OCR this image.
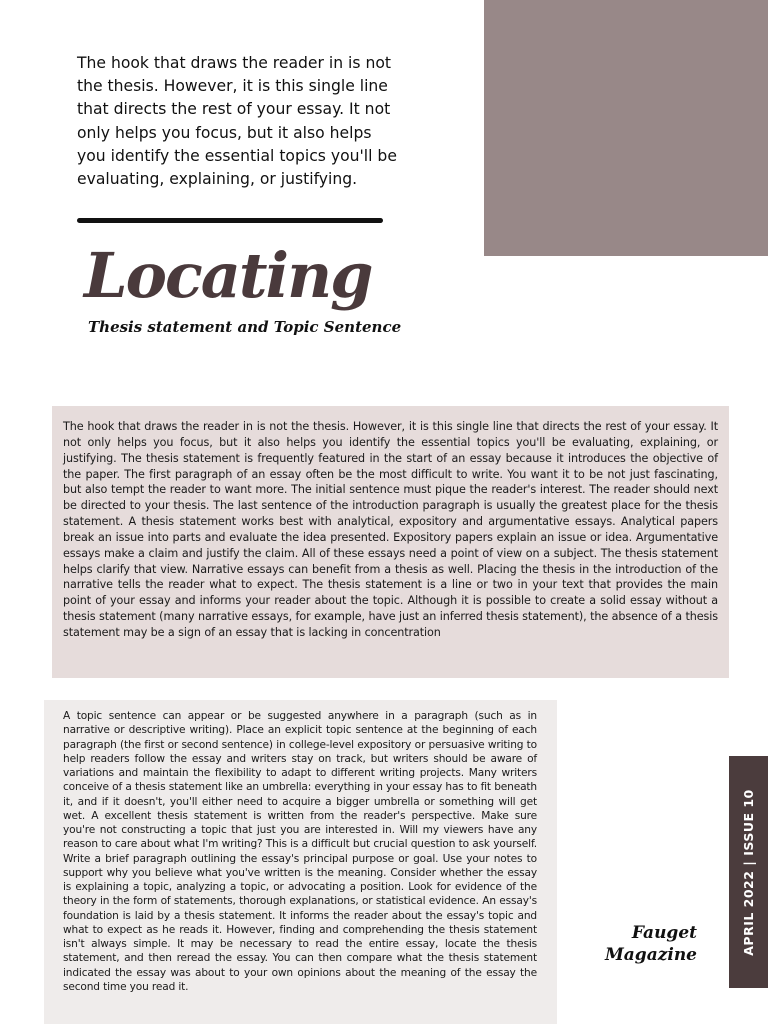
The hook that draws the reader in is not the thesis. However, it is this single line that directs the rest of your essay. It not only helps you focus, but it also helps you identify the essential topics you'll be evaluating, explaining, or justifying.
Locating
Thesis statement and Topic Sentence

The hook that draws the reader in is not the thesis. However, it is this single line that directs the rest of your essay. It not only helps you focus, but it also helps you identify the essential topics you'll be evaluating, explaining, or justifying. The thesis statement is frequently featured in the start of an essay because it introduces the objective of the paper. The first paragraph of an essay often be the most difficult to write. You want it to be not just fascinating, but also tempt the reader to want more. The initial sentence must pique the reader's interest. The reader should next be directed to your thesis. The last sentence of the introduction paragraph is usually the greatest place for the thesis statement. A thesis statement works best with analytical, expository and argumentative essays. Analytical papers break an issue into parts and evaluate the idea presented. Expository papers explain an issue or idea. Argumentative essays make a claim and justify the claim. All of these essays need a point of view on a subject. The thesis statement helps clarify that view. Narrative essays can benefit from a thesis as well. Placing the thesis in the introduction of the narrative tells the reader what to expect. The thesis statement is a line or two in your text that provides the main point of your essay and informs your reader about the topic. Although it is possible to create a solid essay without a thesis statement (many narrative essays, for example, have just an inferred thesis statement), the absence of a thesis statement may be a sign of an essay that is lacking in concentration

A topic sentence can appear or be suggested anywhere in a paragraph (such as in narrative or descriptive writing). Place an explicit topic sentence at the beginning of each paragraph (the first or second sentence) in college-level expository or persuasive writing to help readers follow the essay and writers stay on track, but writers should be aware of variations and maintain the flexibility to adapt to different writing projects. Many writers conceive of a thesis statement like an umbrella: everything in your essay has to fit beneath it, and if it doesn't, you'll either need to acquire a bigger umbrella or something will get wet. A excellent thesis statement is written from the reader's perspective. Make sure you're not constructing a topic that just you are interested in. Will my viewers have any reason to care about what I'm writing? This is a difficult but crucial question to ask yourself. Write a brief paragraph outlining the essay's principal purpose or goal. Use your notes to support why you believe what you've written is the meaning. Consider whether the essay is explaining a topic, analyzing a topic, or advocating a position. Look for evidence of the theory in the form of statements, thorough explanations, or statistical evidence. An essay's foundation is laid by a thesis statement. It informs the reader about the essay's topic and what to expect as he reads it. However, finding and comprehending the thesis statement isn't always simple. It may be necessary to read the entire essay, locate the thesis statement, and then reread the essay. You can then compare what the thesis statement indicated the essay was about to your own opinions about the meaning of the essay the second time you read it.

APRIL 2022 | ISSUE 10
Fauget
Magazine
